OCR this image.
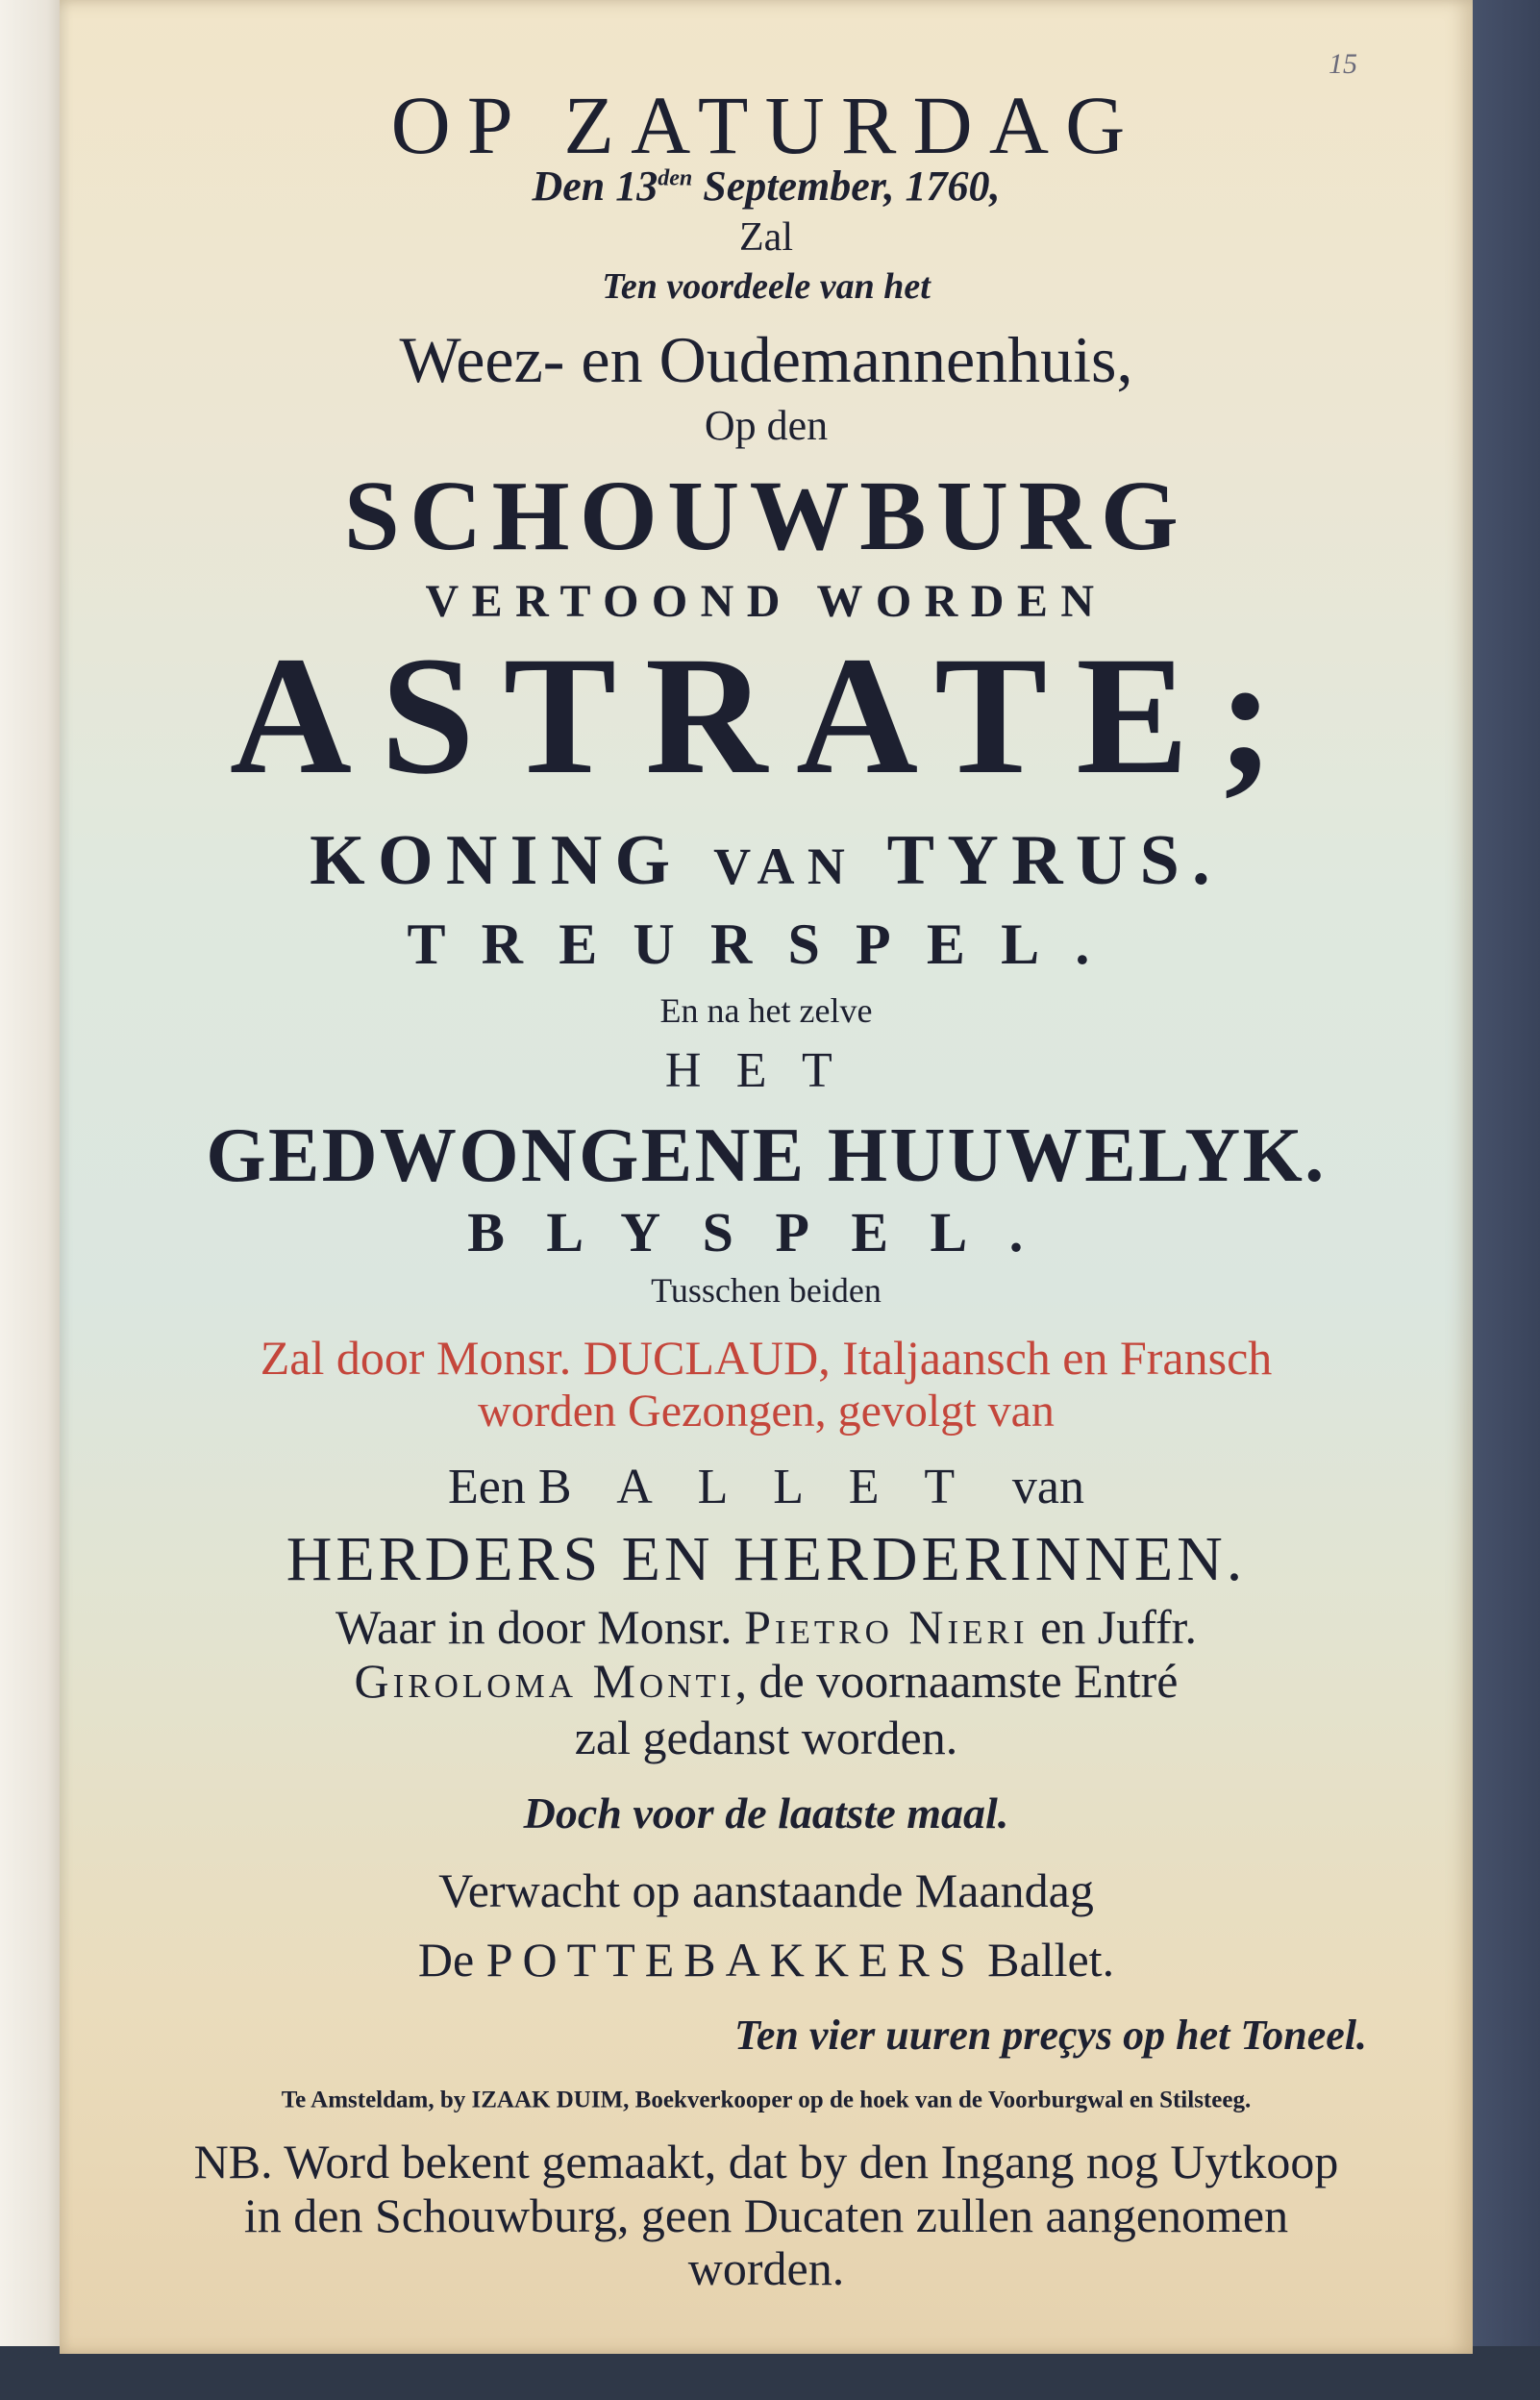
15
OP ZATURDAG
Den $13^{den}$ September, 1760,
Zal
Ten voordeele van het
Weez- en Oudemannenhuis,
Op den
SCHOUWBURG
VERTOOND WORDEN
ASTRATE;
KONING VAN TYRUS.
TREURSPEL.
En na het zelve
HET
GEDWONGENE HUUWELYK.
BLYSPEL.
Tusschen beiden
Zal door Monsr. DUCLAUD, Italjaansch en Fransch
worden Gezongen, gevolgt van
Een BALLET van
HERDERS EN HERDERINNEN.
Waar in door Monsr. Pietro Nieri en Juffr.
Giroloma Monti, de voornaamste Entré
zal gedanst worden.
Doch voor de laatste maal.
Verwacht op aanstaande Maandag
De POTTEBAKKERS Ballet.
Ten vier uuren preçys op het Toneel.
Te Amsteldam, by IZAAK DUIM, Boekverkooper op de hoek van de Voorburgwal en Stilsteeg.
NB. Word bekent gemaakt, dat by den Ingang nog Uytkoop
in den Schouwburg, geen Ducaten zullen aangenomen
worden.
